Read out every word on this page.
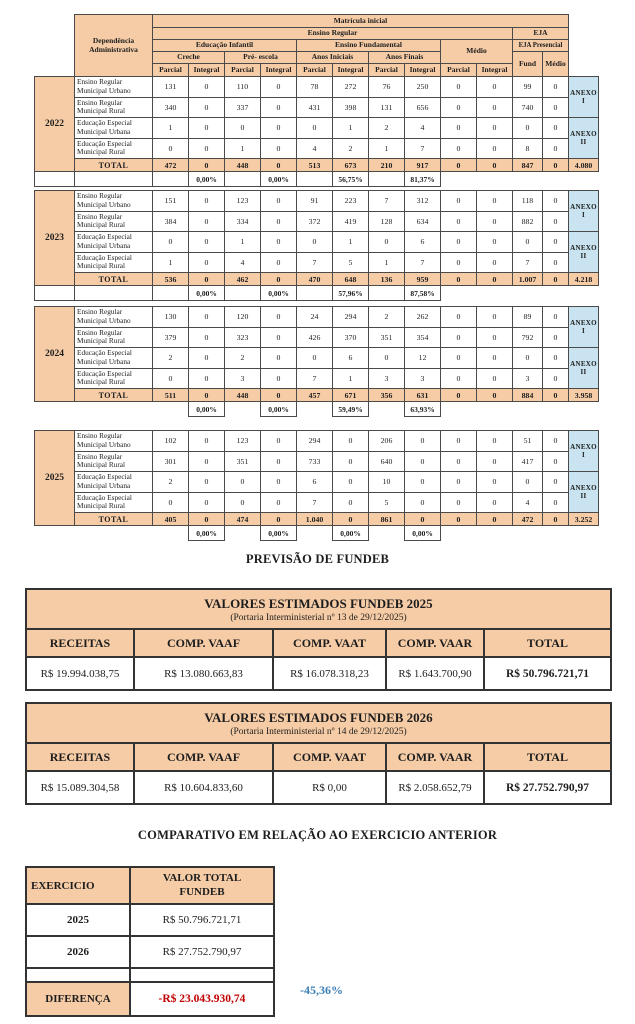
	Dependência Administrativa	Matrícula inicial												
		Ensino Regular										EJA		
		Educação Infantil				Ensino Fundamental				Médio		EJA Presencial		
		Creche		Pré- escola		Anos Iniciais		Anos Finais				Fund	Médio	
		Parcial	Integral	Parcial	Integral	Parcial	Integral	Parcial	Integral	Parcial	Integral			
2022	Ensino Regular Municipal Urbano	131	0	110	0	78	272	76	250	0	0	99	0	ANEXO I
	Ensino Regular Municipal Rural	340	0	337	0	431	398	131	656	0	0	740	0	
	Educação Especial Municipal Urbana	1	0	0	0	0	1	2	4	0	0	0	0	ANEXO II
	Educação Especial Municipal Rural	0	0	1	0	4	2	1	7	0	0	8	0	
	TOTAL	472	0	448	0	513	673	210	917	0	0	847	0	4.080
			0,00%		0,00%		56,75%		81,37%					

2023	Ensino Regular Municipal Urbano	151	0	123	0	91	223	7	312	0	0	118	0	ANEXO I
	Ensino Regular Municipal Rural	384	0	334	0	372	419	128	634	0	0	882	0	
	Educação Especial Municipal Urbana	0	0	1	0	0	1	0	6	0	0	0	0	ANEXO II
	Educação Especial Municipal Rural	1	0	4	0	7	5	1	7	0	0	7	0	
	TOTAL	536	0	462	0	470	648	136	959	0	0	1.007	0	4.218
			0,00%		0,00%		57,96%		87,58%					

2024	Ensino Regular Municipal Urbano	130	0	120	0	24	294	2	262	0	0	89	0	ANEXO I
	Ensino Regular Municipal Rural	379	0	323	0	426	370	351	354	0	0	792	0	
	Educação Especial Municipal Urbana	2	0	2	0	0	6	0	12	0	0	0	0	ANEXO II
	Educação Especial Municipal Rural	0	0	3	0	7	1	3	3	0	0	3	0	
	TOTAL	511	0	448	0	457	671	356	631	0	0	884	0	3.958
			0,00%		0,00%		59,49%		63,93%					

2025	Ensino Regular Municipal Urbano	102	0	123	0	294	0	206	0	0	0	51	0	ANEXO I
	Ensino Regular Municipal Rural	301	0	351	0	733	0	640	0	0	0	417	0	
	Educação Especial Municipal Urbana	2	0	0	0	6	0	10	0	0	0	0	0	ANEXO II
	Educação Especial Municipal Rural	0	0	0	0	7	0	5	0	0	0	4	0	
	TOTAL	405	0	474	0	1.040	0	861	0	0	0	472	0	3.252
			0,00%		0,00%		0,00%		0,00%					
PREVISÃO DE FUNDEB
VALORES ESTIMADOS FUNDEB 2025
(Portaria Interministerial nº 13 de 29/12/2025)				

RECEITAS	COMP. VAAF	COMP. VAAT	COMP. VAAR	TOTAL
R$ 19.994.038,75	R$ 13.080.663,83	R$ 16.078.318,23	R$ 1.643.700,90	R$ 50.796.721,71
VALORES ESTIMADOS FUNDEB 2026
(Portaria Interministerial nº 14 de 29/12/2025)				

RECEITAS	COMP. VAAF	COMP. VAAT	COMP. VAAR	TOTAL
R$ 15.089.304,58	R$ 10.604.833,60	R$ 0,00	R$ 2.058.652,79	R$ 27.752.790,97
COMPARATIVO EM RELAÇÃO AO EXERCICIO ANTERIOR
EXERCICIO	VALOR TOTAL FUNDEB

2025	R$ 50.796.721,71
2026	R$ 27.752.790,97

DIFERENÇA	-R$ 23.043.930,74
-45,36%
